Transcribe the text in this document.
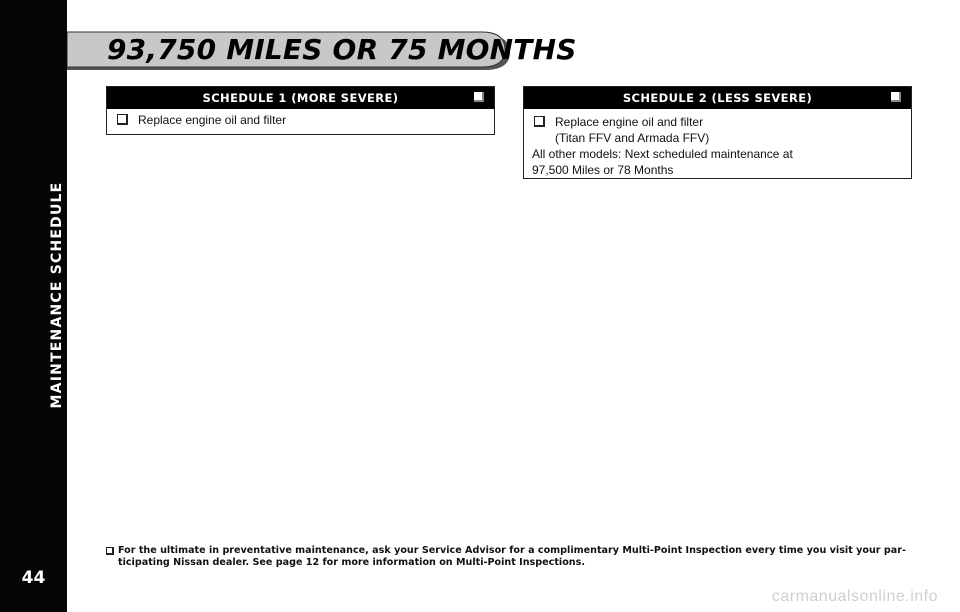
MAINTENANCE SCHEDULE
44
93,750 MILES OR 75 MONTHS
SCHEDULE 1 (MORE SEVERE)
Replace engine oil and filter
SCHEDULE 2 (LESS SEVERE)
Replace engine oil and filter
(Titan FFV and Armada FFV)
All other models: Next scheduled maintenance at
97,500 Miles or 78 Months
For the ultimate in preventative maintenance, ask your Service Advisor for a complimentary Multi-Point Inspection every time you visit your par-
ticipating Nissan dealer. See page 12 for more information on Multi-Point Inspections.
carmanualsonline.info
